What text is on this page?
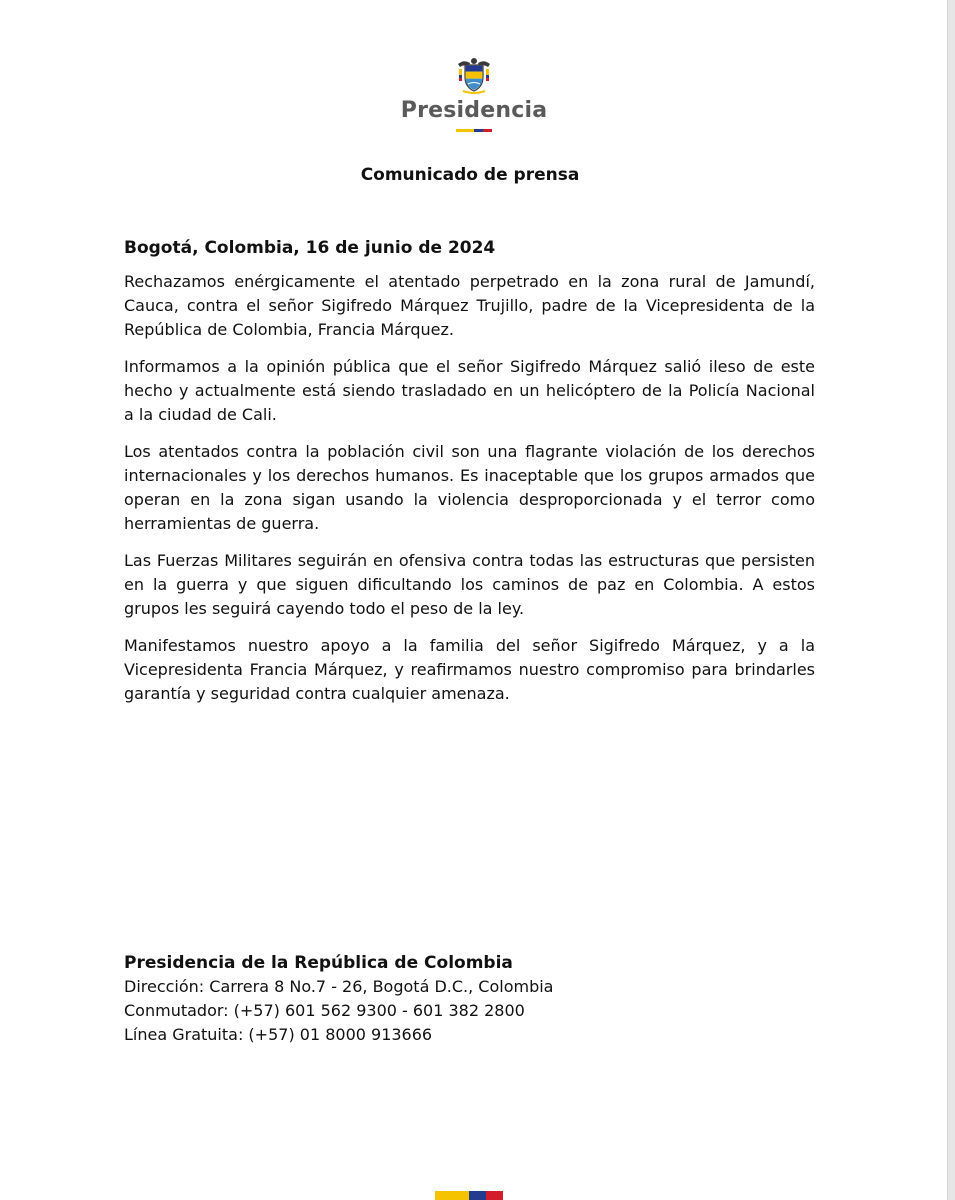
Presidencia
Comunicado de prensa

Bogotá, Colombia, 16 de junio de 2024

Rechazamos enérgicamente el atentado perpetrado en la zona rural de Jamundí, Cauca, contra el señor Sigifredo Márquez Trujillo, padre de la Vicepresidenta de la República de Colombia, Francia Márquez.

Informamos a la opinión pública que el señor Sigifredo Márquez salió ileso de este hecho y actualmente está siendo trasladado en un helicóptero de la Policía Nacional a la ciudad de Cali.

Los atentados contra la población civil son una flagrante violación de los derechos internacionales y los derechos humanos. Es inaceptable que los grupos armados que operan en la zona sigan usando la violencia desproporcionada y el terror como herramientas de guerra.

Las Fuerzas Militares seguirán en ofensiva contra todas las estructuras que persisten en la guerra y que siguen dificultando los caminos de paz en Colombia. A estos grupos les seguirá cayendo todo el peso de la ley.

Manifestamos nuestro apoyo a la familia del señor Sigifredo Márquez, y a la Vicepresidenta Francia Márquez, y reafirmamos nuestro compromiso para brindarles garantía y seguridad contra cualquier amenaza.

Presidencia de la República de Colombia
Dirección: Carrera 8 No.7 - 26, Bogotá D.C., Colombia
Conmutador: (+57) 601 562 9300 - 601 382 2800
Línea Gratuita: (+57) 01 8000 913666
